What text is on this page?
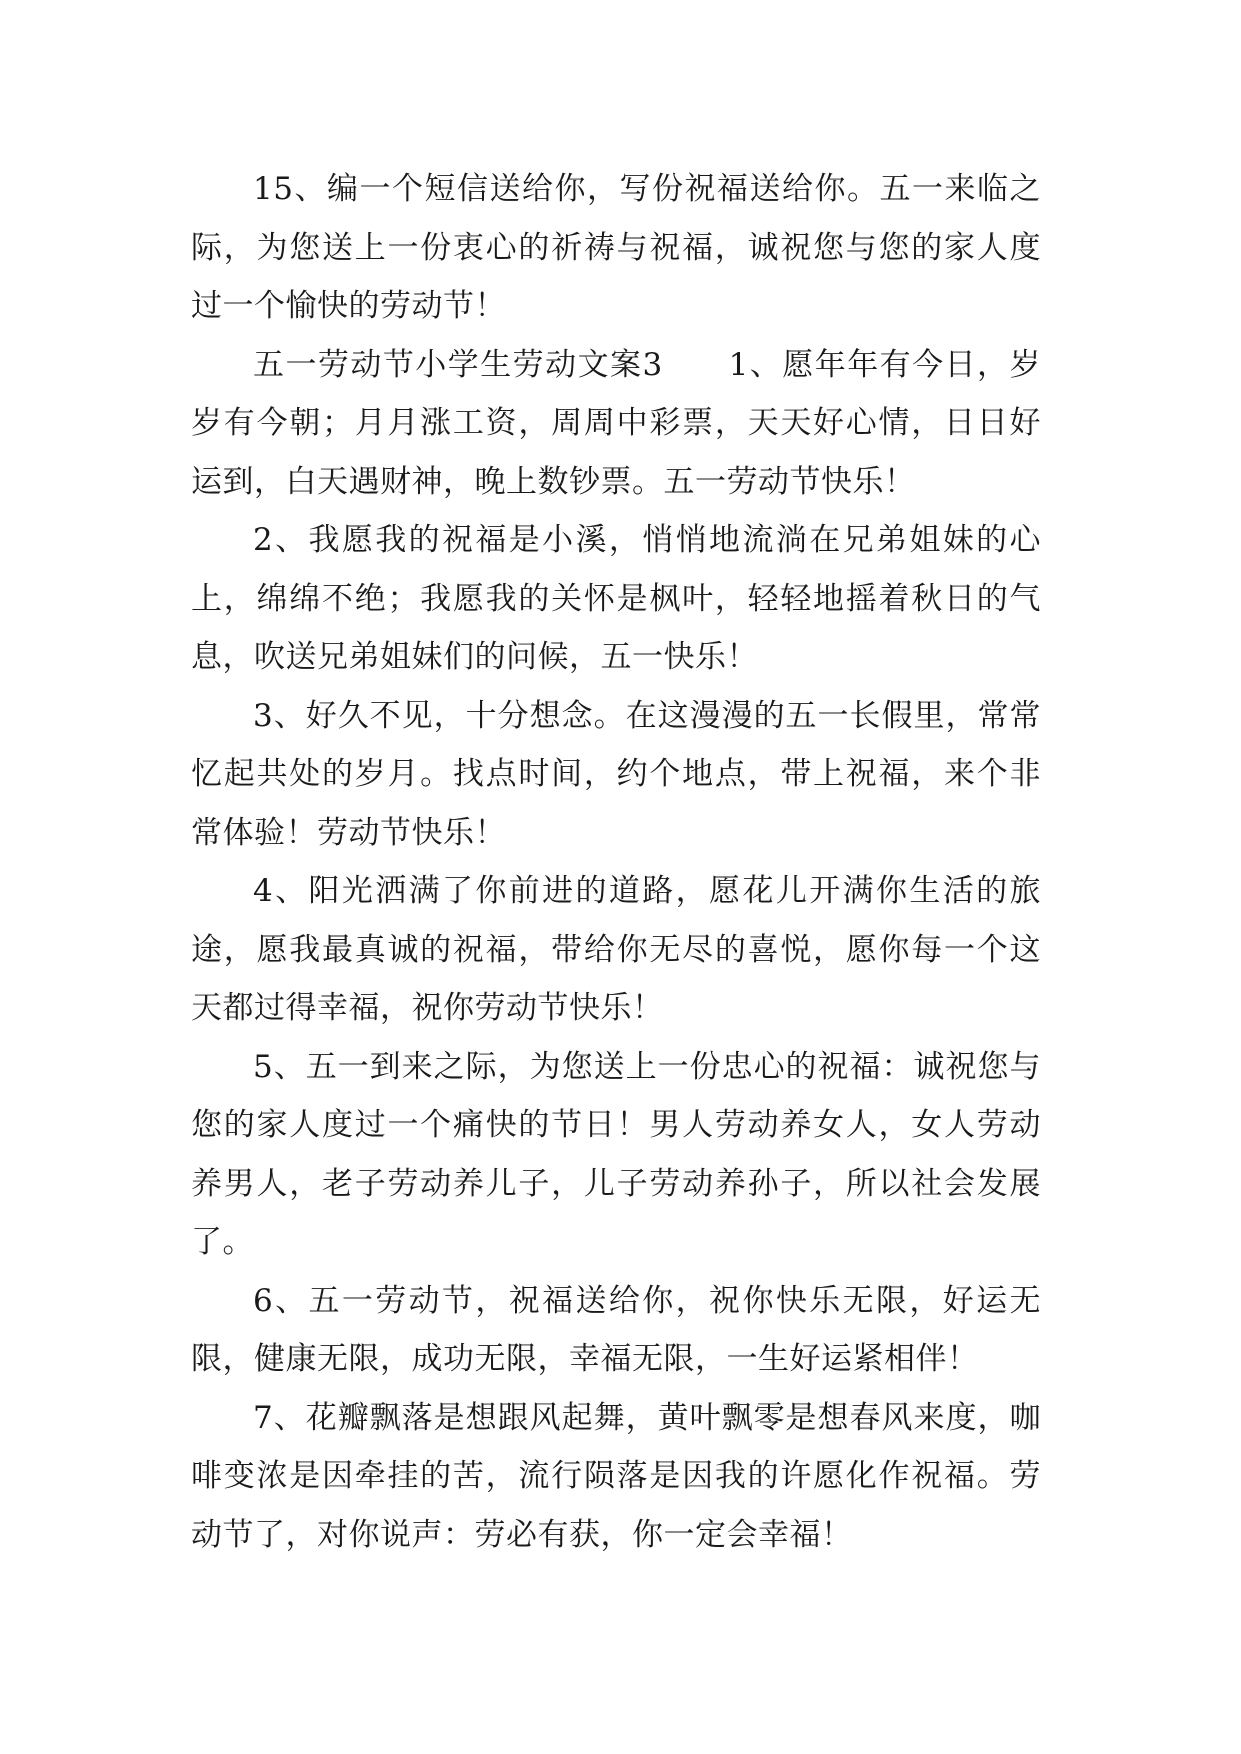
15、编一个短信送给你，写份祝福送给你。五一来临之际，为您送上一份衷心的祈祷与祝福，诚祝您与您的家人度过一个愉快的劳动节！

五一劳动节小学生劳动文案3　　1、愿年年有今日，岁岁有今朝；月月涨工资，周周中彩票，天天好心情，日日好运到，白天遇财神，晚上数钞票。五一劳动节快乐！

2、我愿我的祝福是小溪，悄悄地流淌在兄弟姐妹的心上，绵绵不绝；我愿我的关怀是枫叶，轻轻地摇着秋日的气息，吹送兄弟姐妹们的问候，五一快乐！

3、好久不见，十分想念。在这漫漫的五一长假里，常常忆起共处的岁月。找点时间，约个地点，带上祝福，来个非常体验！劳动节快乐！

4、阳光洒满了你前进的道路，愿花儿开满你生活的旅途，愿我最真诚的祝福，带给你无尽的喜悦，愿你每一个这天都过得幸福，祝你劳动节快乐！

5、五一到来之际，为您送上一份忠心的祝福：诚祝您与您的家人度过一个痛快的节日！男人劳动养女人，女人劳动养男人，老子劳动养儿子，儿子劳动养孙子，所以社会发展了。

6、五一劳动节，祝福送给你，祝你快乐无限，好运无限，健康无限，成功无限，幸福无限，一生好运紧相伴！

7、花瓣飘落是想跟风起舞，黄叶飘零是想春风来度，咖啡变浓是因牵挂的苦，流行陨落是因我的许愿化作祝福。劳动节了，对你说声：劳必有获，你一定会幸福！
